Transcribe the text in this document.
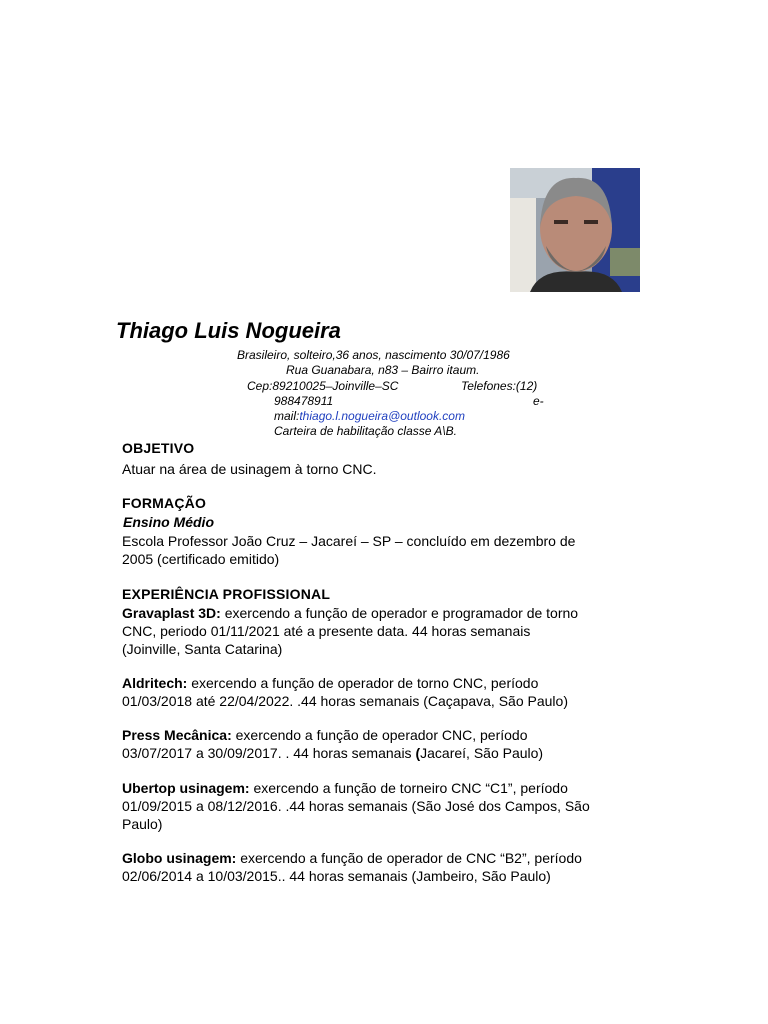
Thiago Luis Nogueira
Brasileiro, solteiro,36 anos, nascimento 30/07/1986
Rua Guanabara, n83 – Bairro itaum.
Cep:89210025–Joinville–SC	Telefones:(12)
988478911	e-
mail:thiago.l.nogueira@outlook.com
Carteira de habilitação classe A\B.
OBJETIVO
Atuar na área de usinagem à torno CNC.
FORMAÇÃO
Ensino Médio
Escola Professor João Cruz – Jacareí – SP – concluído em dezembro de
2005 (certificado emitido)
EXPERIÊNCIA PROFISSIONAL
Gravaplast 3D: exercendo a função de operador e programador de torno
CNC, periodo 01/11/2021 até a presente data. 44 horas semanais
(Joinville, Santa Catarina)
Aldritech: exercendo a função de operador de torno CNC, período
01/03/2018 até 22/04/2022. .44 horas semanais (Caçapava, São Paulo)
Press Mecânica: exercendo a função de operador CNC, período
03/07/2017 a 30/09/2017. . 44 horas semanais (Jacareí, São Paulo)
Ubertop usinagem: exercendo a função de torneiro CNC “C1”, período
01/09/2015 a 08/12/2016. .44 horas semanais (São José dos Campos, São
Paulo)
Globo usinagem: exercendo a função de operador de CNC “B2”, período
02/06/2014 a 10/03/2015.. 44 horas semanais (Jambeiro, São Paulo)
